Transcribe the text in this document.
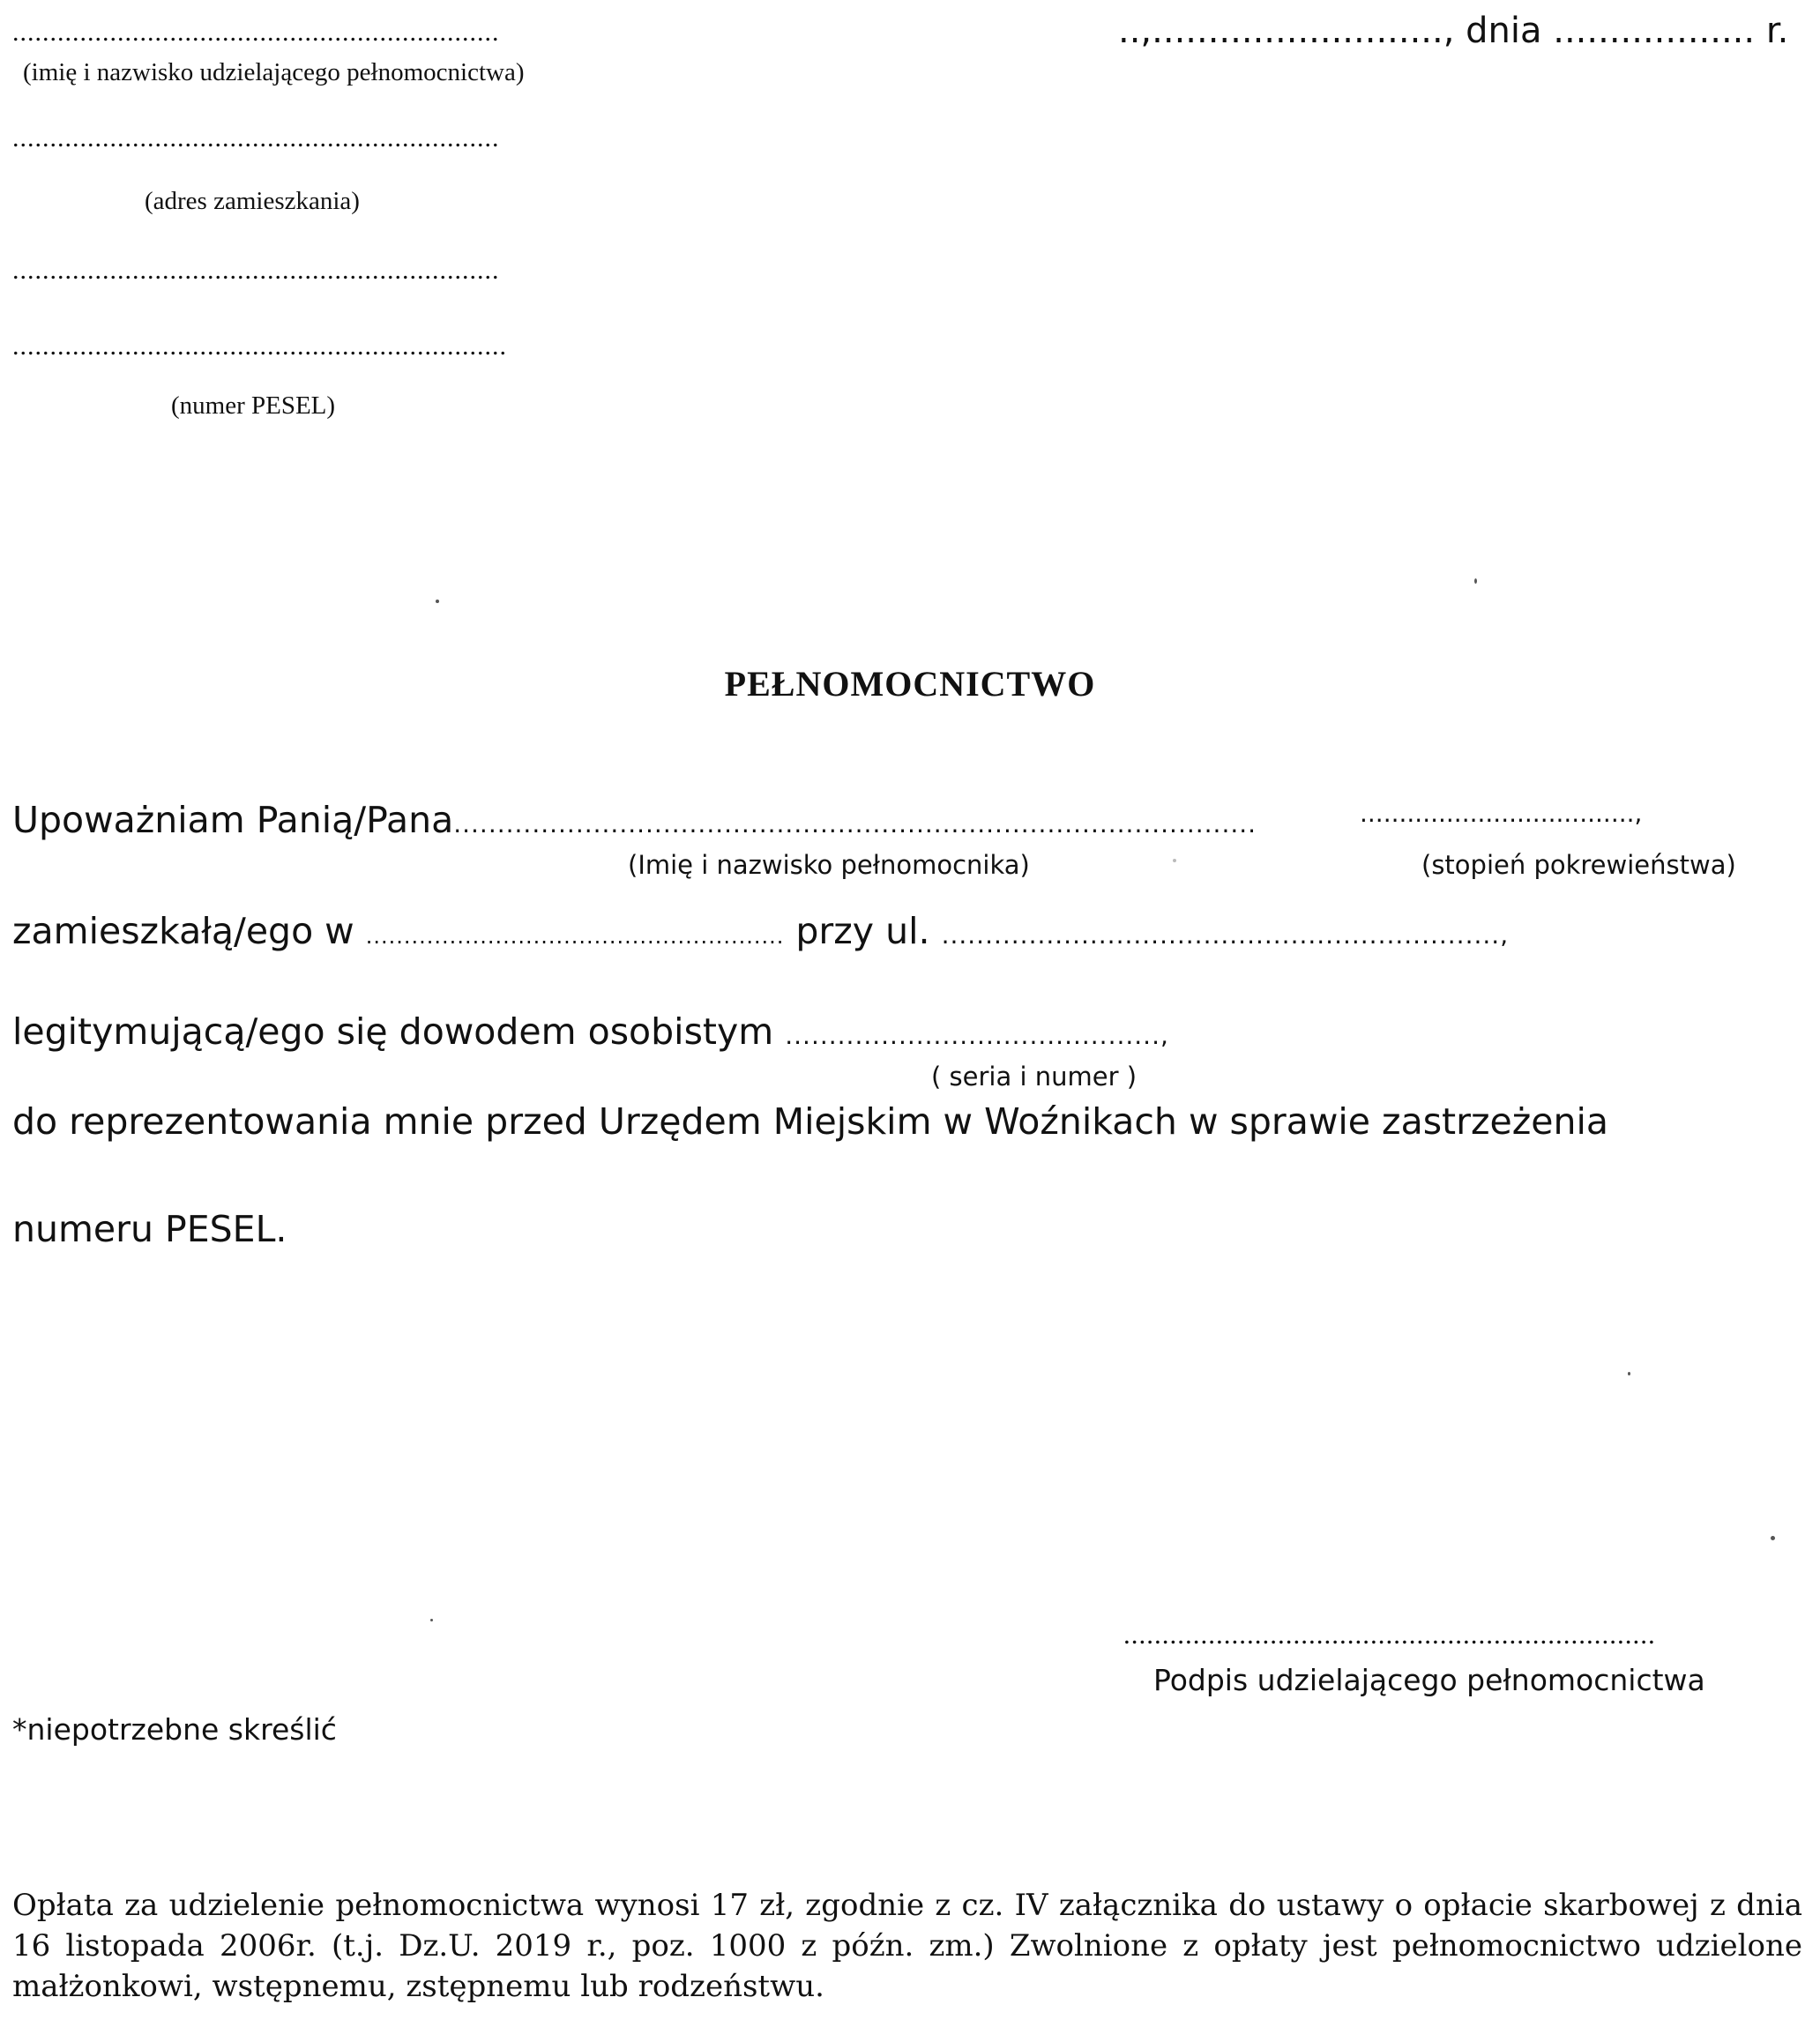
.................................................................
(imię i nazwisko udzielającego pełnomocnictwa)
.................................................................
(adres zamieszkania)
.................................................................
..................................................................
(numer PESEL)
..,.........................., dnia .................. r.
PEŁNOMOCNICTWO
Upoważniam Panią/Pana............................................................................................	...................................,
(Imię i nazwisko pełnomocnika)	(stopień pokrewieństwa)
zamieszkałą/ego w ....................................................... przy ul. ................................................................,
legitymującą/ego się dowodem osobistym ...........................................,
( seria i numer )
do reprezentowania mnie przed Urzędem Miejskim w Woźnikach w sprawie zastrzeżenia
numeru PESEL.
.....................................................................
Podpis udzielającego pełnomocnictwa
*niepotrzebne skreślić
Opłata za udzielenie pełnomocnictwa wynosi 17 zł, zgodnie z cz. IV załącznika do ustawy o opłacie skarbowej z dnia 16 listopada 2006r. (t.j. Dz.U. 2019 r., poz. 1000 z późn. zm.) Zwolnione z opłaty jest pełnomocnictwo udzielone małżonkowi, wstępnemu, zstępnemu lub rodzeństwu.
